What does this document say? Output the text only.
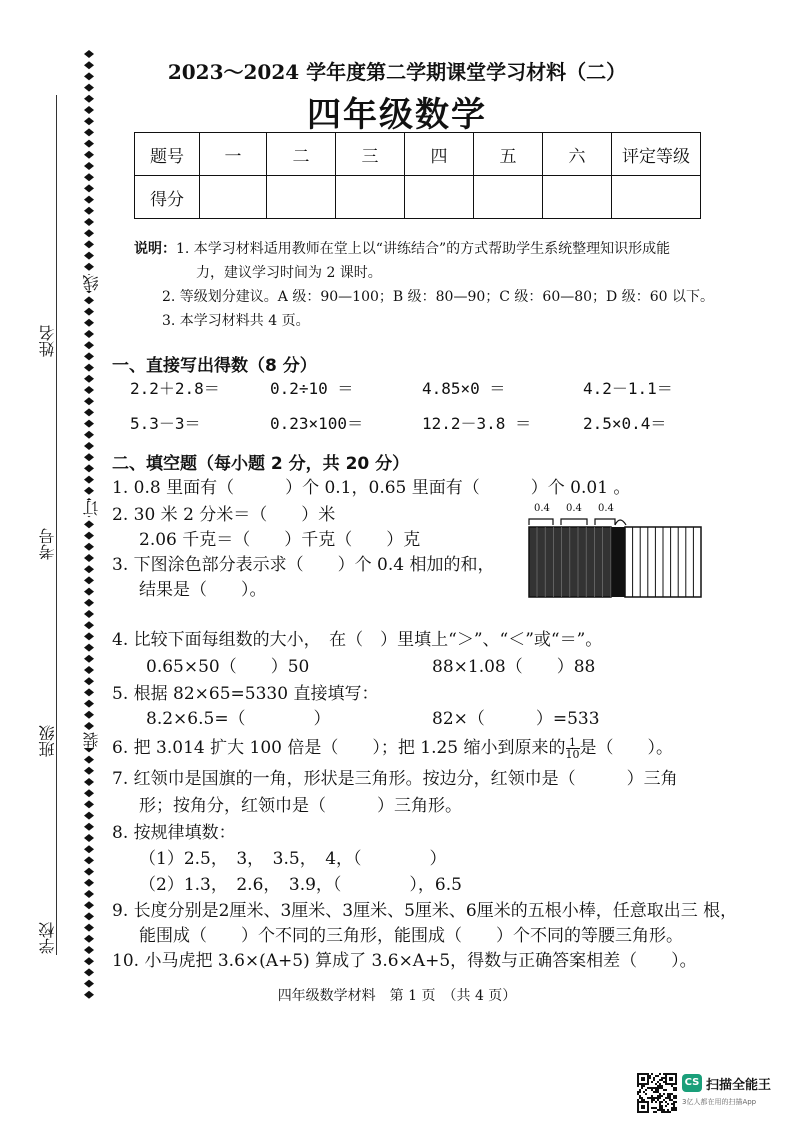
姓名
考号
班级
学校
线
订
装
2023～2024 学年度第二学期课堂学习材料（二）
四年级数学
题号	一	二	三	四	五	六	评定等级
得分							
说明：1. 本学习材料适用教师在堂上以“讲练结合”的方式帮助学生系统整理知识形成能
力，建议学习时间为 2 课时。
2. 等级划分建议。A 级：90—100；B 级：80—90；C 级：60—80；D 级：60 以下。
3. 本学习材料共 4 页。
一、直接写出得数（8 分）
2.2＋2.8＝	0.2÷10 ＝	4.85×0 ＝	4.2－1.1＝
5.3－3＝	0.23×100＝	12.2－3.8 ＝	2.5×0.4＝
二、填空题（每小题 2 分，共 20 分）
1. 0.8 里面有（　　　）个 0.1，0.65 里面有（　　　）个 0.01 。
2. 30 米 2 分米＝（　　）米
2.06 千克＝（　　）千克（　　）克
3. 下图涂色部分表示求（　　）个 0.4 相加的和，
结果是（　　）。
0.4 0.4 0.4
4. 比较下面每组数的大小，　在（　）里填上“＞”、“＜”或“＝”。
0.65×50（　　）50	88×1.08（　　）88
5. 根据 82×65=5330 直接填写：
8.2×6.5=（　　　　）	82×（　　　）=533
6. 把 3.014 扩大 100 倍是（　　）；把 1.25 缩小到原来的 $\frac{1}{10}$ 是（　　）。
7. 红领巾是国旗的一角，形状是三角形。按边分，红领巾是（　　　）三角
形；按角分，红领巾是（　　　）三角形。
8. 按规律填数：
（1）2.5，　3，　3.5，　4，（　　　　）
（2）1.3，　2.6，　3.9，（　　　　），6.5
9. 长度分别是2厘米、3厘米、3厘米、5厘米、6厘米的五根小棒，任意取出三 根，
能围成（　　）个不同的三角形，能围成（　　）个不同的等腰三角形。
10. 小马虎把 3.6×(A+5) 算成了 3.6×A+5，得数与正确答案相差（　　）。
四年级数学材料　第 1 页　（共 4 页）
CS 扫描全能王
3亿人都在用的扫描App
